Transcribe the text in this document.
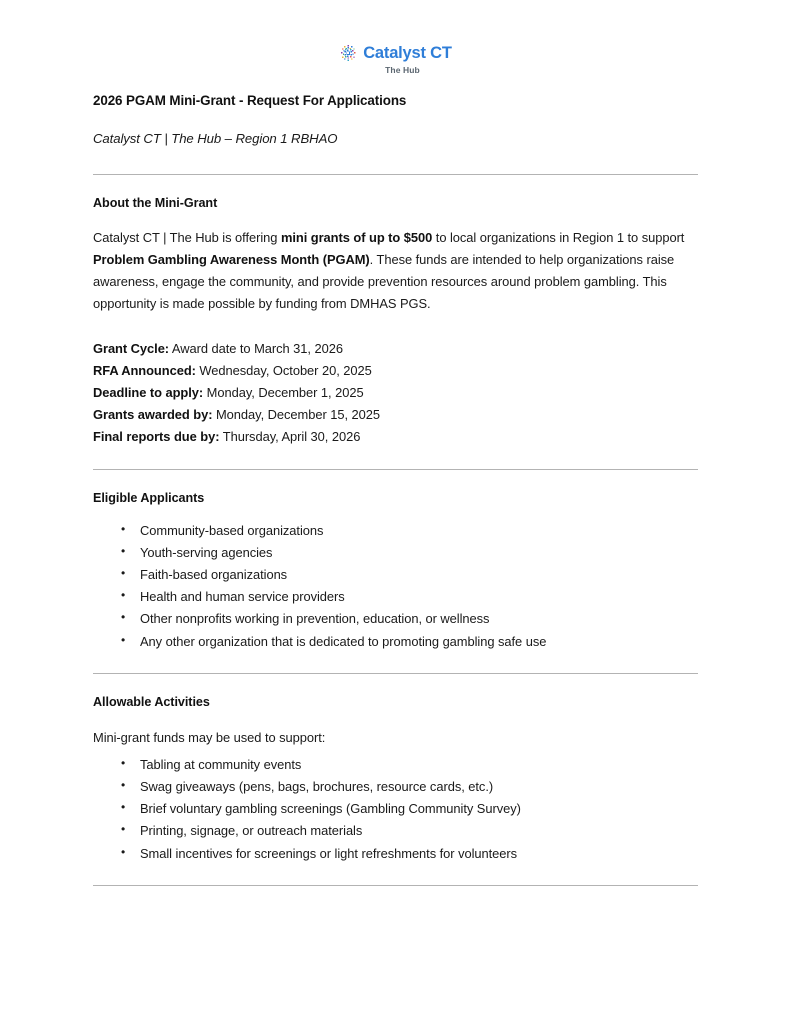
Catalyst CT
The Hub
2026 PGAM Mini-Grant - Request For Applications
Catalyst CT | The Hub – Region 1 RBHAO
About the Mini-Grant

Catalyst CT | The Hub is offering mini grants of up to $500 to local organizations in Region 1 to support Problem Gambling Awareness Month (PGAM). These funds are intended to help organizations raise awareness, engage the community, and provide prevention resources around problem gambling. This opportunity is made possible by funding from DMHAS PGS.

Grant Cycle: Award date to March 31, 2026
RFA Announced: Wednesday, October 20, 2025
Deadline to apply: Monday, December 1, 2025
Grants awarded by: Monday, December 15, 2025
Final reports due by: Thursday, April 30, 2026
Eligible Applicants
• Community-based organizations
• Youth-serving agencies
• Faith-based organizations
• Health and human service providers
• Other nonprofits working in prevention, education, or wellness
• Any other organization that is dedicated to promoting gambling safe use
Allowable Activities

Mini-grant funds may be used to support:

• Tabling at community events
• Swag giveaways (pens, bags, brochures, resource cards, etc.)
• Brief voluntary gambling screenings (Gambling Community Survey)
• Printing, signage, or outreach materials
• Small incentives for screenings or light refreshments for volunteers
